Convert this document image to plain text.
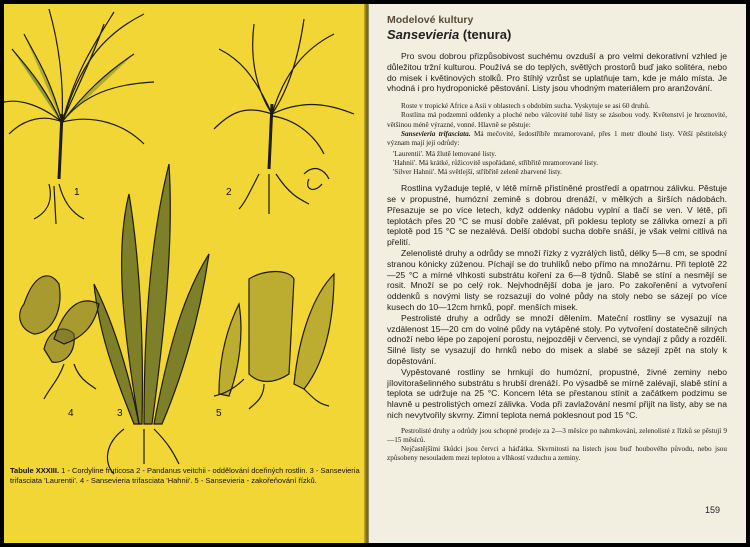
1	2
3
4	5
Tabule XXXIII. 1 - Cordyline fruticosa 2 - Pandanus veitchii - oddělování dceřiných rostlin. 3 - Sansevieria trifasciata 'Laurentii'. 4 - Sansevieria trifasciata 'Hahnii'. 5 - Sansevieria - zakořeňování řízků.

Modelové kultury

Sansevieria (tenura)

Pro svou dobrou přizpůsobivost suchému ovzduší a pro velmi dekorativní vzhled je důležitou tržní kulturou. Používá se do teplých, světlých prostorů buď jako solitéra, nebo do misek i květinových stolků. Pro štíhlý vzrůst se uplatňuje tam, kde je málo místa. Je vhodná i pro hydroponické pěstování. Listy jsou vhodným materiálem pro aranžování.

Roste v tropické Africe a Asii v oblastech s obdobím sucha. Vyskytuje se asi 60 druhů.

Rostlina má podzemní oddenky a ploché nebo válcovité tuhé listy se zásobou vody. Květenství je hroznovité, většinou méně výrazné, vonné. Hlavně se pěstuje:

Sansevieria trifasciata. Má mečovité, šedostříbře mramorované, přes 1 metr dlouhé listy. Větší pěstitelský význam mají její odrůdy:

'Laurentii'. Má žlutě lemované listy.
'Hahnii'. Má krátké, růžicovitě uspořádané, stříbřitě mramorované listy.
'Silver Hahnii'. Má světlejší, stříbřitě zeleně zbarvené listy.

Rostlina vyžaduje teplé, v létě mírně přistíněné prostředí a opatrnou zálivku. Pěstuje se v propustné, humózní zemině s dobrou drenáží, v mělkých a širších nádobách. Přesazuje se po více letech, když oddenky nádobu vyplní a tlačí se ven. V létě, při teplotách přes 20 °C se musí dobře zalévat, při poklesu teploty se zálivka omezí a při teplotě pod 15 °C se nezalévá. Delší období sucha dobře snáší, je však velmi citlivá na přelití.

Zelenolisté druhy a odrůdy se množí řízky z vyzrálých listů, délky 5—8 cm, se spodní stranou kónicky zúženou. Píchají se do truhlíků nebo přímo na množárnu. Při teplotě 22—25 °C a mírné vlhkosti substrátu koření za 6—8 týdnů. Slabě se stíní a nesmějí se rosit. Množí se po celý rok. Nejvhodnější doba je jaro. Po zakořenění a vytvoření oddenků s novými listy se rozsazují do volné půdy na stoly nebo se sázejí po více kusech do 10—12cm hrnků, popř. menších misek.

Pestrolisté druhy a odrůdy se množí dělením. Mateční rostliny se vysazují na vzdálenost 15—20 cm do volné půdy na vytápěné stoly. Po vytvoření dostatečně silných odnoží nebo lépe po zapojení porostu, nejpozději v červenci, se vyndají z půdy a rozdělí. Silné listy se vysazují do hrnků nebo do misek a slabé se sázejí zpět na stoly k dopěstování.

Vypěstované rostliny se hrnkují do humózní, propustné, živné zeminy nebo jílovitorašelinného substrátu s hrubší drenáží. Po výsadbě se mírně zalévají, slabě stíní a teplota se udržuje na 25 °C. Koncem léta se přestanou stínit a začátkem podzimu se hlavně u pestrolistých omezí zálivka. Voda při zavlažování nesmí přijít na listy, aby se na nich nevytvořily skvrny. Zimní teplota nemá poklesnout pod 15 °C.

Pestrolisté druhy a odrůdy jsou schopné prodeje za 2—3 měsíce po nahrnkování, zelenolisté z řízků se pěstují 9—15 měsíců.

Nejčastějšími škůdci jsou červci a háďátka. Skvrnitosti na listech jsou buď houbového původu, nebo jsou způsobeny nesouladem mezi teplotou a vlhkostí vzduchu a zeminy.

159
